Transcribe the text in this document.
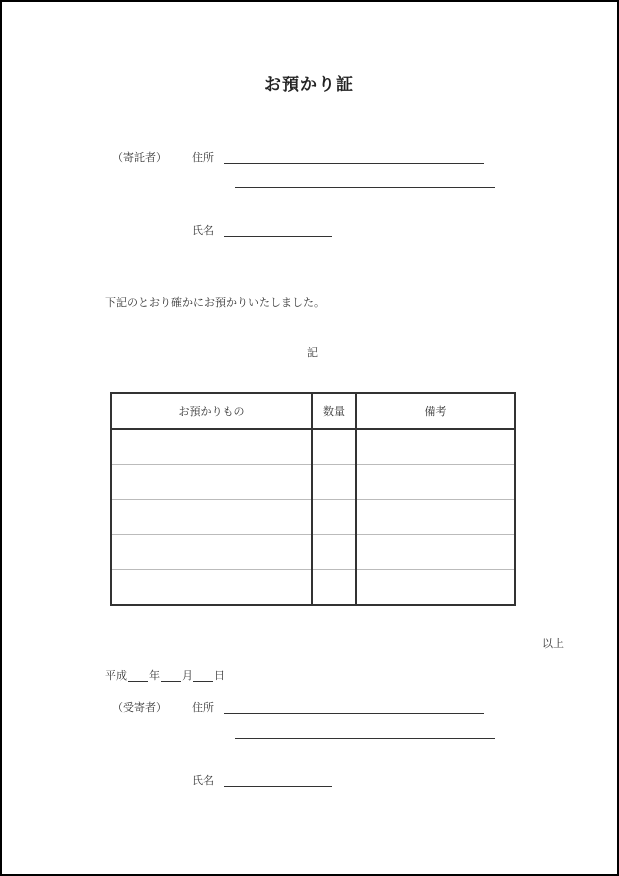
お預かり証
（寄託者） 住所
氏名
下記のとおり確かにお預かりいたしました。
記
お預かりもの	数量	備考

以上
平成 年 月 日
（受寄者） 住所
氏名
